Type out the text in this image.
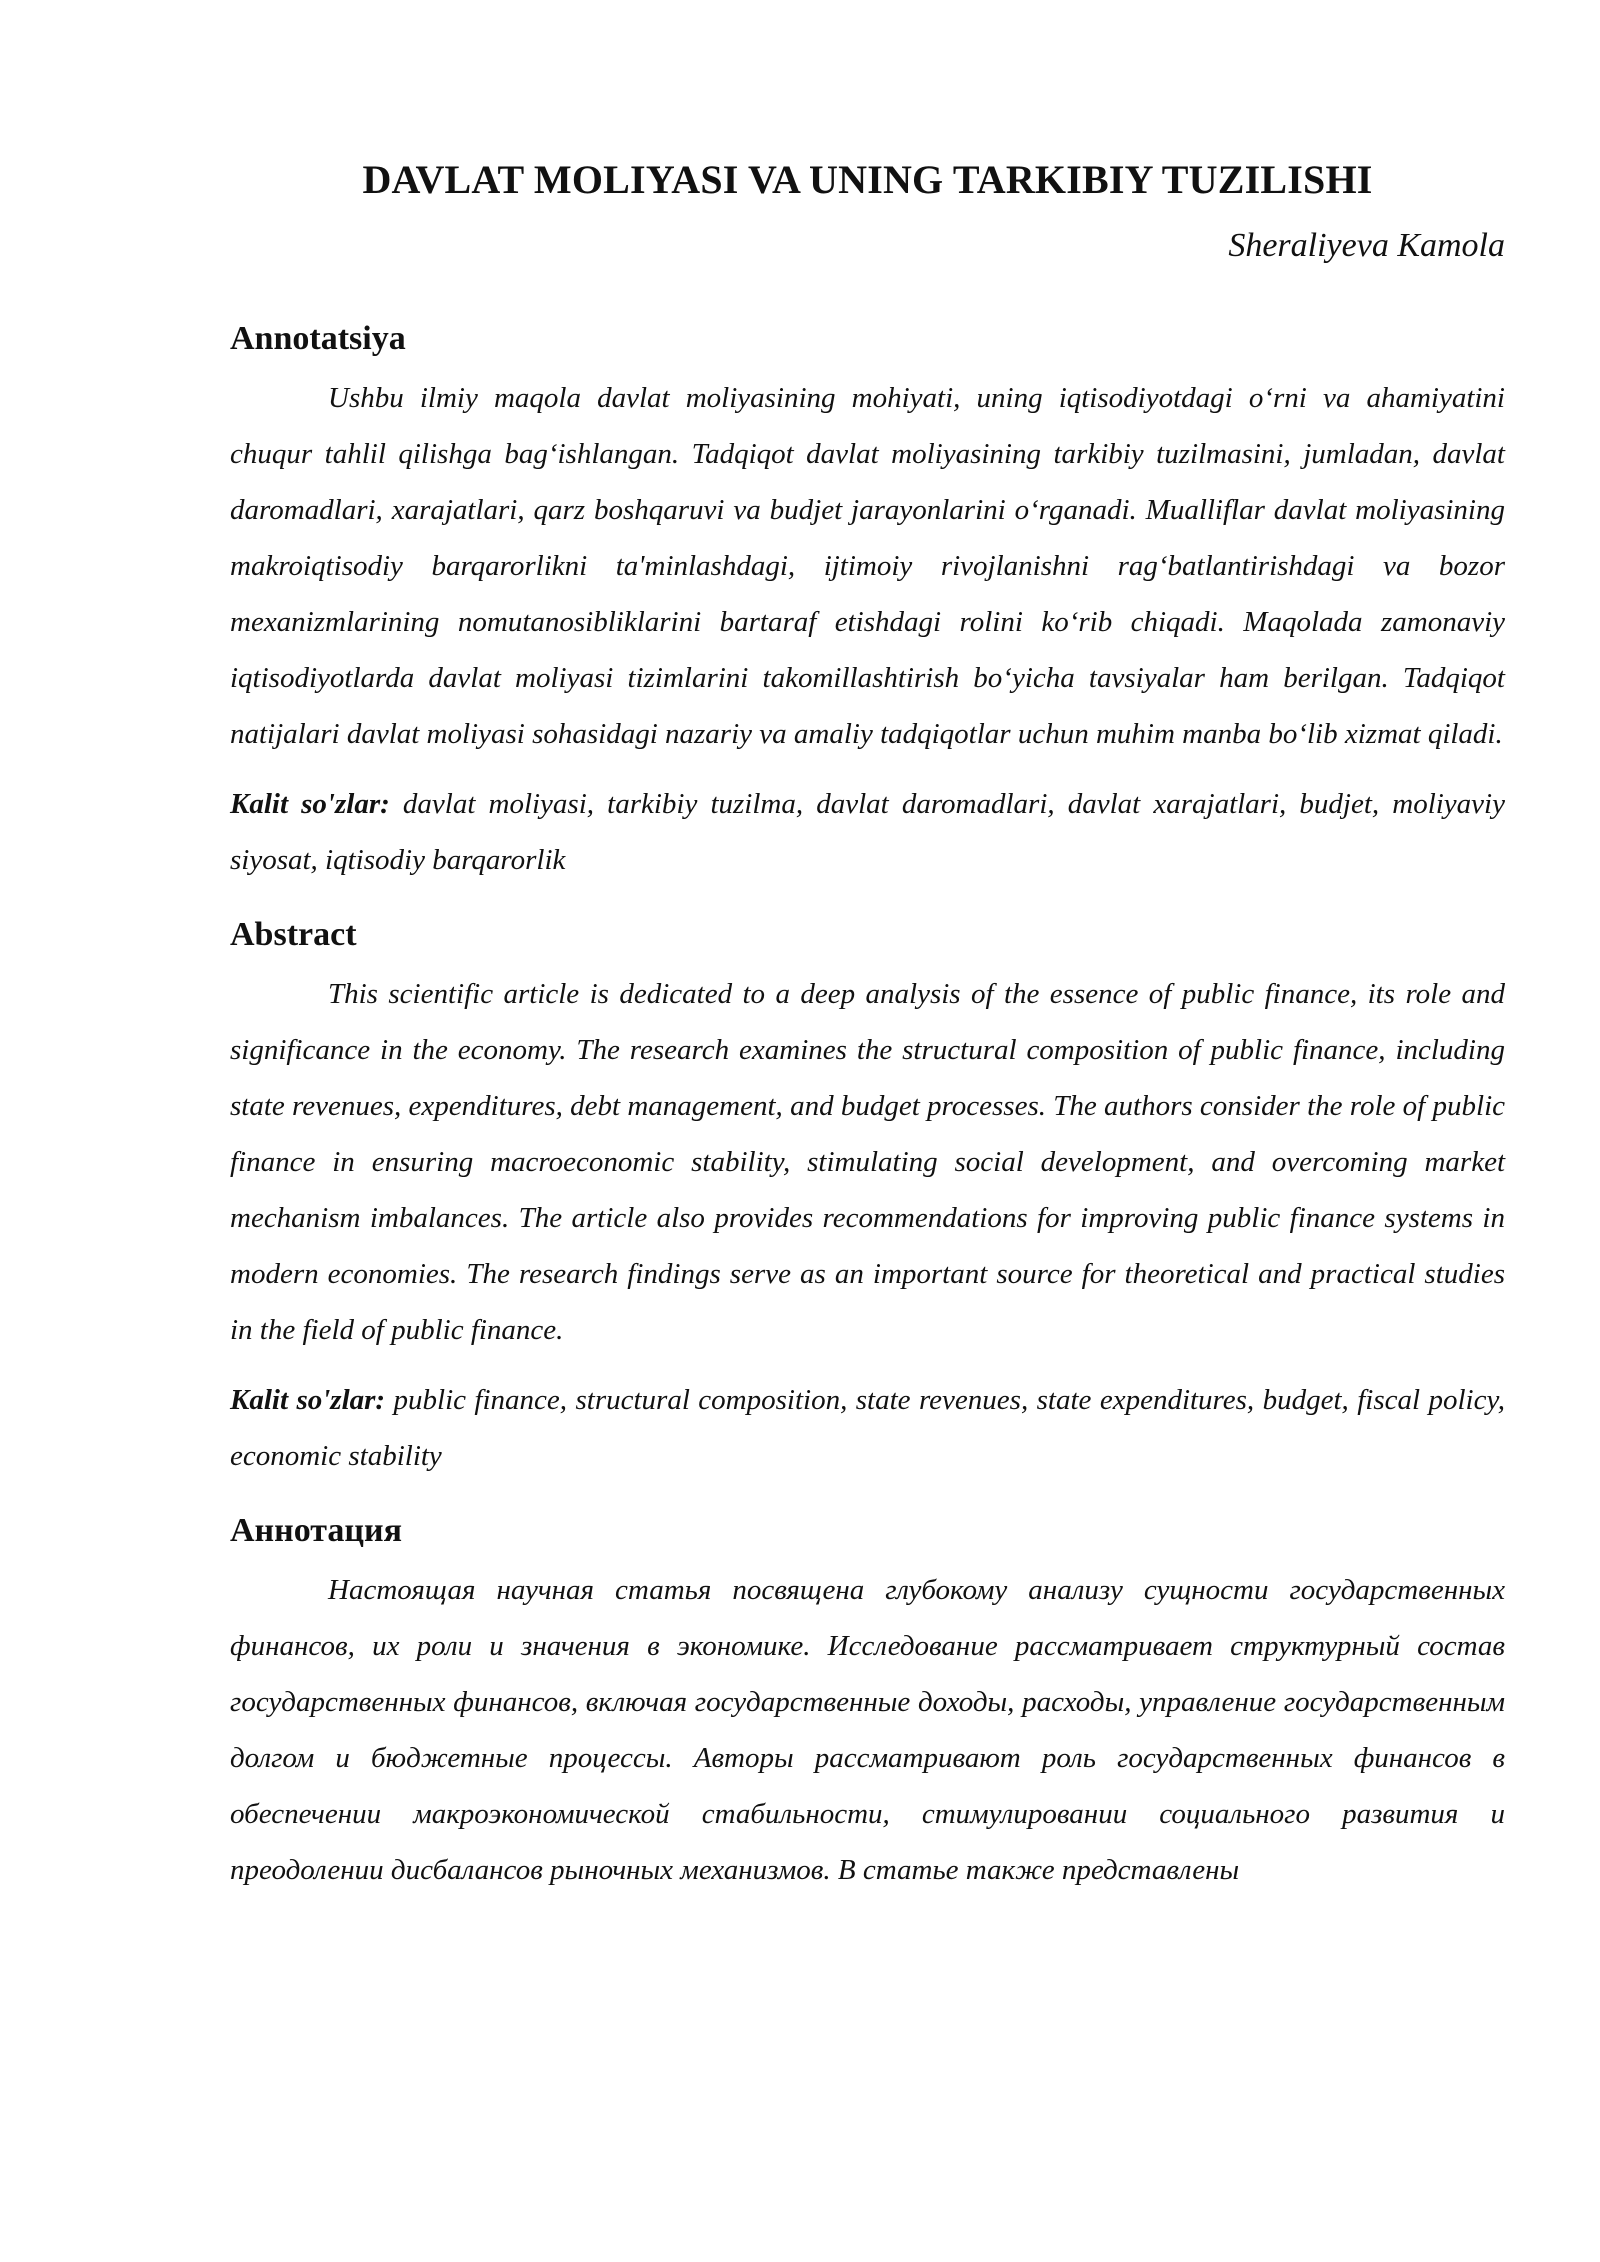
DAVLAT MOLIYASI VA UNING TARKIBIY TUZILISHI
Sheraliyeva Kamola
Annotatsiya

Ushbu ilmiy maqola davlat moliyasining mohiyati, uning iqtisodiyotdagi o‘rni va ahamiyatini chuqur tahlil qilishga bag‘ishlangan. Tadqiqot davlat moliyasining tarkibiy tuzilmasini, jumladan, davlat daromadlari, xarajatlari, qarz boshqaruvi va budjet jarayonlarini o‘rganadi. Mualliflar davlat moliyasining makroiqtisodiy barqarorlikni ta'minlashdagi, ijtimoiy rivojlanishni rag‘batlantirishdagi va bozor mexanizmlarining nomutanosibliklarini bartaraf etishdagi rolini ko‘rib chiqadi. Maqolada zamonaviy iqtisodiyotlarda davlat moliyasi tizimlarini takomillashtirish bo‘yicha tavsiyalar ham berilgan. Tadqiqot natijalari davlat moliyasi sohasidagi nazariy va amaliy tadqiqotlar uchun muhim manba bo‘lib xizmat qiladi.

Kalit so'zlar: davlat moliyasi, tarkibiy tuzilma, davlat daromadlari, davlat xarajatlari, budjet, moliyaviy siyosat, iqtisodiy barqarorlik

Abstract

This scientific article is dedicated to a deep analysis of the essence of public finance, its role and significance in the economy. The research examines the structural composition of public finance, including state revenues, expenditures, debt management, and budget processes. The authors consider the role of public finance in ensuring macroeconomic stability, stimulating social development, and overcoming market mechanism imbalances. The article also provides recommendations for improving public finance systems in modern economies. The research findings serve as an important source for theoretical and practical studies in the field of public finance.

Kalit so'zlar: public finance, structural composition, state revenues, state expenditures, budget, fiscal policy, economic stability

Аннотация

Настоящая научная статья посвящена глубокому анализу сущности государственных финансов, их роли и значения в экономике. Исследование рассматривает структурный состав государственных финансов, включая государственные доходы, расходы, управление государственным долгом и бюджетные процессы. Авторы рассматривают роль государственных финансов в обеспечении макроэкономической стабильности, стимулировании социального развития и преодолении дисбалансов рыночных механизмов. В статье также представлены
